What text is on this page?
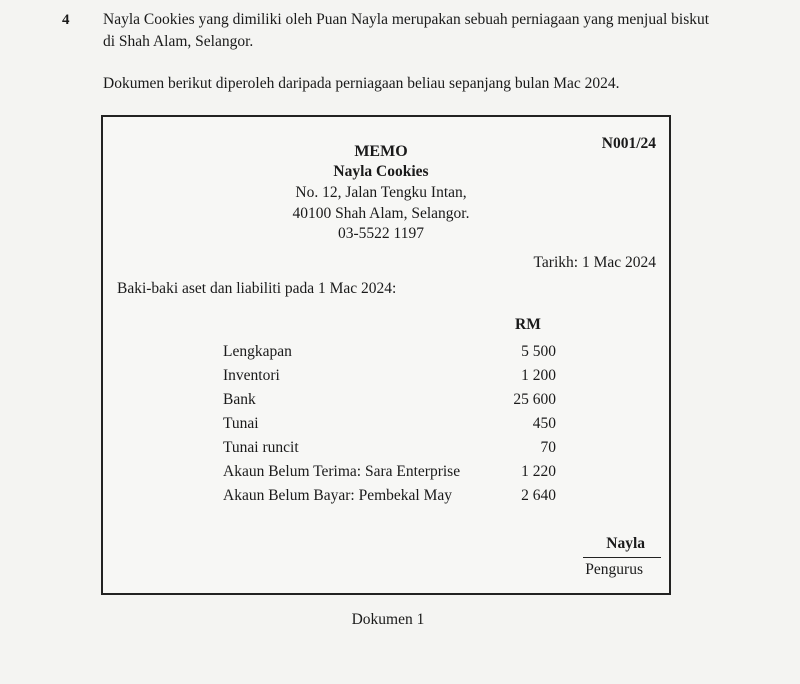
4 Nayla Cookies yang dimiliki oleh Puan Nayla merupakan sebuah perniagaan yang menjual biskut
di Shah Alam, Selangor.
Dokumen berikut diperoleh daripada perniagaan beliau sepanjang bulan Mac 2024.
MEMO	N001/24
Nayla Cookies
No. 12, Jalan Tengku Intan,
40100 Shah Alam, Selangor.
03-5522 1197
Tarikh: 1 Mac 2024
Baki-baki aset dan liabiliti pada 1 Mac 2024:
RM
Lengkapan	5 500
Inventori	1 200
Bank	25 600
Tunai	450
Tunai runcit	70
Akaun Belum Terima: Sara Enterprise	1 220
Akaun Belum Bayar: Pembekal May	2 640
Nayla
Pengurus
Dokumen 1
